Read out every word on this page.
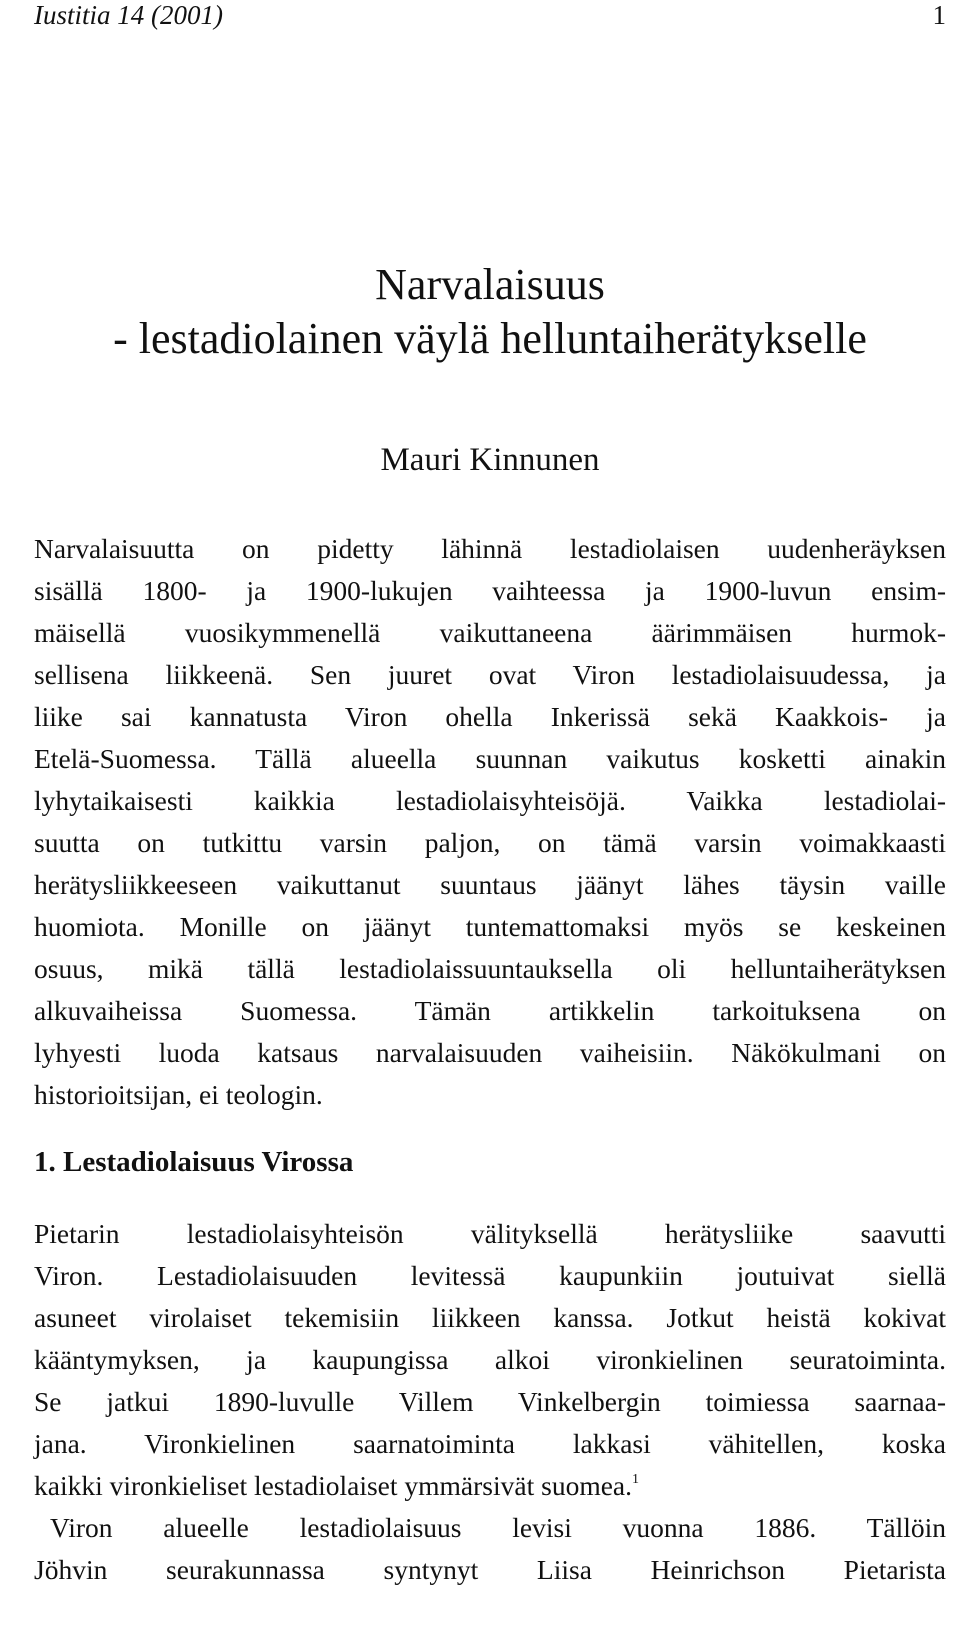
Iustitia 14 (2001)	1
Narvalaisuus
- lestadiolainen väylä helluntaiherätykselle
Mauri Kinnunen

Narvalaisuutta on pidetty lähinnä lestadiolaisen uudenheräyksen
sisällä 1800- ja 1900-lukujen vaihteessa ja 1900-luvun ensim-
mäisellä vuosikymmenellä vaikuttaneena äärimmäisen hurmok-
sellisena liikkeenä. Sen juuret ovat Viron lestadiolaisuudessa, ja
liike sai kannatusta Viron ohella Inkerissä sekä Kaakkois- ja
Etelä-Suomessa. Tällä alueella suunnan vaikutus kosketti ainakin
lyhytaikaisesti kaikkia lestadiolaisyhteisöjä. Vaikka lestadiolai-
suutta on tutkittu varsin paljon, on tämä varsin voimakkaasti
herätysliikkeeseen vaikuttanut suuntaus jäänyt lähes täysin vaille
huomiota. Monille on jäänyt tuntemattomaksi myös se keskeinen
osuus, mikä tällä lestadiolaissuuntauksella oli helluntaiherätyksen
alkuvaiheissa Suomessa. Tämän artikkelin tarkoituksena on
lyhyesti luoda katsaus narvalaisuuden vaiheisiin. Näkökulmani on
historioitsijan, ei teologin.

1. Lestadiolaisuus Virossa

Pietarin lestadiolaisyhteisön välityksellä herätysliike saavutti
Viron. Lestadiolaisuuden levitessä kaupunkiin joutuivat siellä
asuneet virolaiset tekemisiin liikkeen kanssa. Jotkut heistä kokivat
kääntymyksen, ja kaupungissa alkoi vironkielinen seuratoiminta.
Se jatkui 1890-luvulle Villem Vinkelbergin toimiessa saarnaa-
jana. Vironkielinen saarnatoiminta lakkasi vähitellen, koska
kaikki vironkieliset lestadiolaiset ymmärsivät suomea.$^1$
Viron alueelle lestadiolaisuus levisi vuonna 1886. Tällöin
Jöhvin seurakunnassa syntynyt Liisa Heinrichson Pietarista
